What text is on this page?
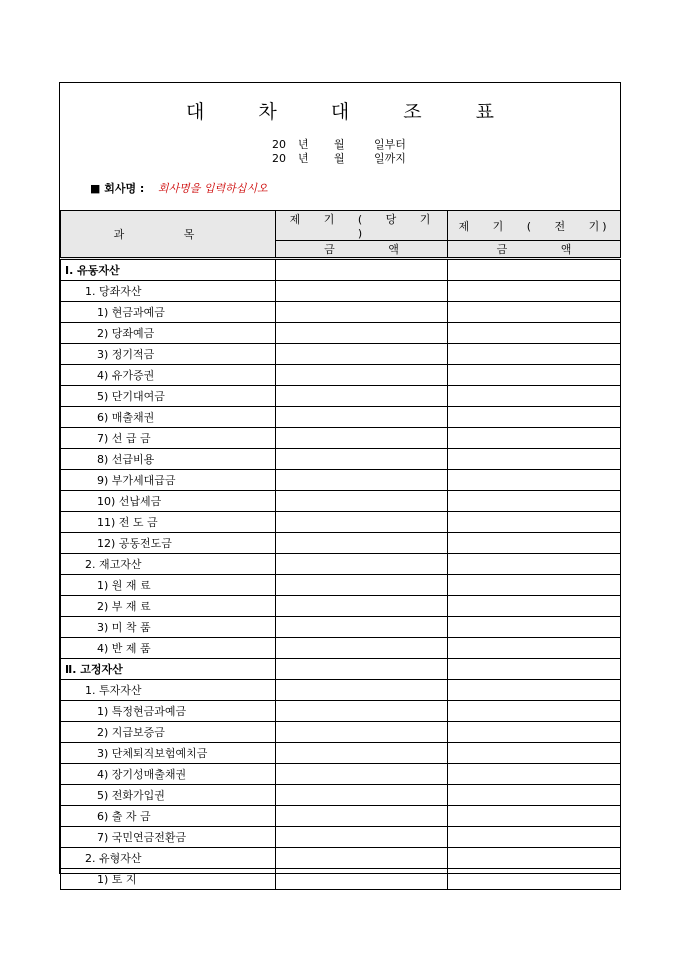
대 차 대 조 표
20 년 월	일부터
20 년 월	일까지
■ 회사명 : 회사명을 입력하십시오
과 목	제 기 ( 당 기 )	제 기 ( 전 기)
	금 액	금 액
Ⅰ. 유동자산		
1. 당좌자산		
1) 현금과예금		
2) 당좌예금		
3) 정기적금		
4) 유가증권		
5) 단기대여금		
6) 매출채권		
7) 선 급 금		
8) 선급비용		
9) 부가세대급금		
10) 선납세금		
11) 전 도 금		
12) 공동전도금		
2. 재고자산		
1) 원 재 료		
2) 부 재 료		
3) 미 착 품		
4) 반 제 품		
Ⅱ. 고정자산		
1. 투자자산		
1) 특정현금과예금		
2) 지급보증금		
3) 단체퇴직보험예치금		
4) 장기성매출채권		
5) 전화가입권		
6) 출 자 금		
7) 국민연금전환금		
2. 유형자산		
1) 토 지		
